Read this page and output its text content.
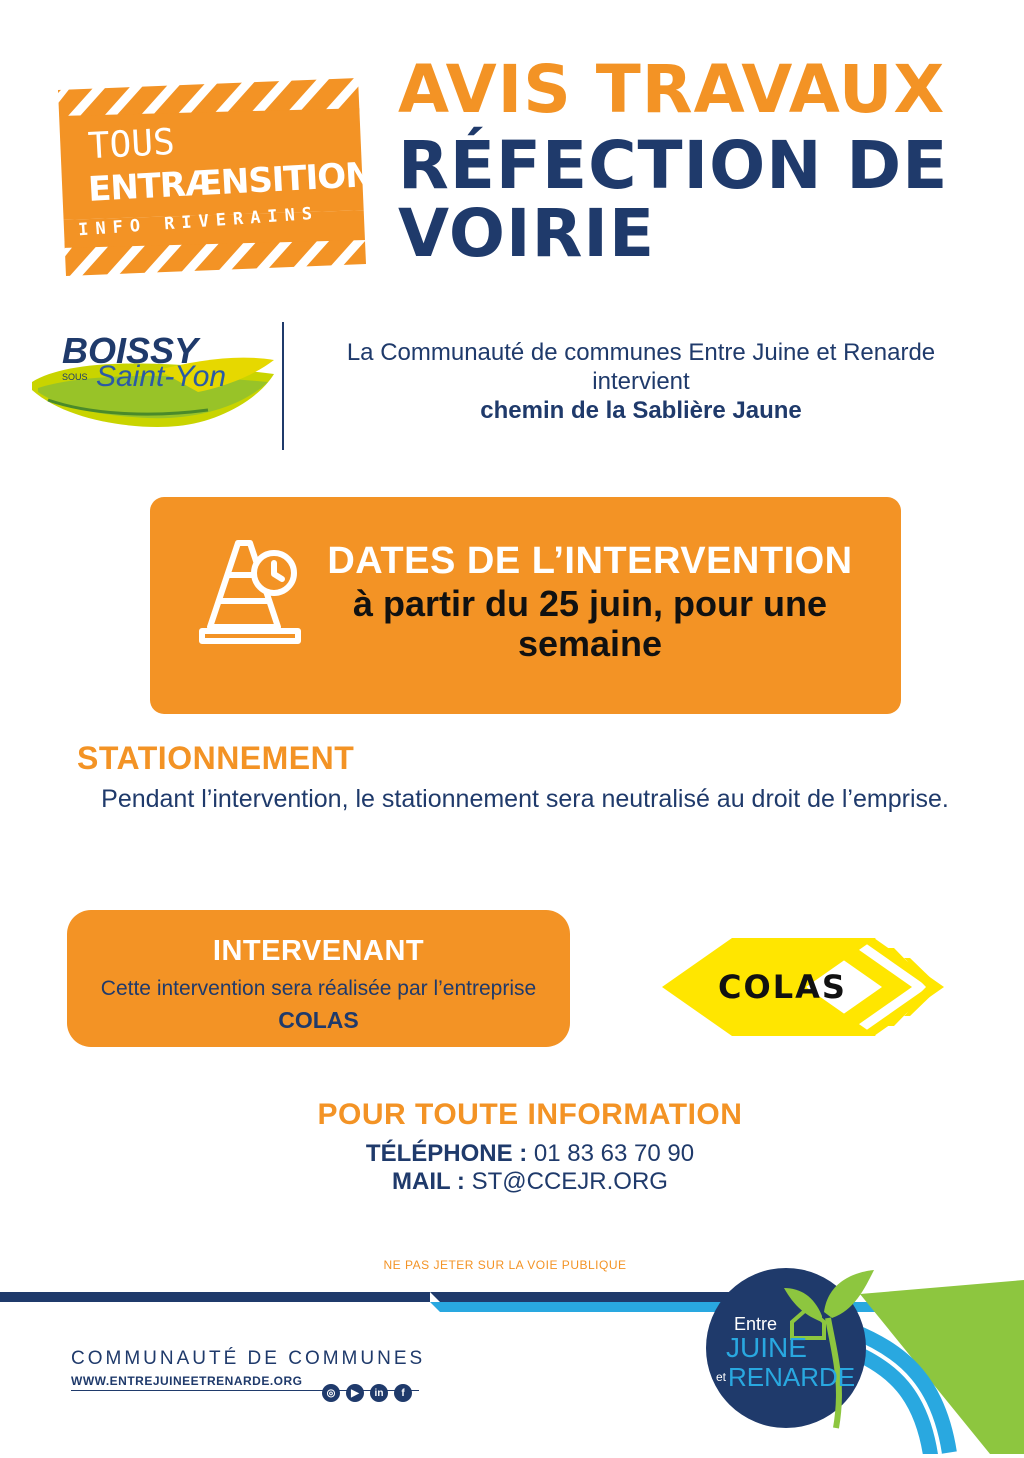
TOUS
ENTRÆNSITION!
INFO RIVERAINS
AVIS TRAVAUX
RÉFECTION DE
VOIRIE
BOISSY
SOUS Saint-Yon
La Communauté de communes Entre Juine et Renarde
intervient
chemin de la Sablière Jaune
DATES DE L’INTERVENTION
à partir du 25 juin, pour une semaine
STATIONNEMENT
Pendant l’intervention, le stationnement sera neutralisé au droit de l’emprise.
INTERVENANT
Cette intervention sera réalisée par l’entreprise
COLAS
COLAS
POUR TOUTE INFORMATION
TÉLÉPHONE : 01 83 63 70 90
MAIL : ST@CCEJR.ORG
NE PAS JETER SUR LA VOIE PUBLIQUE
COMMUNAUTÉ DE COMMUNES
WWW.ENTREJUINEETRENARDE.ORG
◎	▶	in	f
Entre
JUINE
et RENARDE
